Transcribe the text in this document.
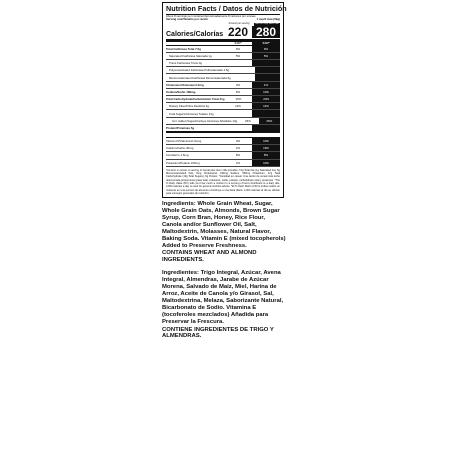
Nutrition Facts / Datos de Nutrición
About 8 servings per container/Aproximadamente 8 raciones por envase
Serving size/Tamaño por ración	1 cup/1 taza (59g)
Amount per serving	with 1/2 cup skim milk
Calories/Calorías 220 280
% DV*	% DV*
Total Fat/Grasa Total 7.5g	9%	9%
Saturated Fat/Grasa Saturada 1g	5%	5%
Trans Fat/Grasa Trans 0g
Polyunsaturated Fat/Grasa Poliinsaturada 1.5g
Monounsaturated Fat/Grasa Monoinsaturada 5g
Cholesterol/Colesterol 0mg	0%	1%
Sodium/Sodio 180mg	8%	10%
Total Carbohydrate/Carbohidrato Total 41g	15%	20%
Dietary Fiber/Fibra Dietética 4g	14%	14%
Total Sugars/Azúcares Totales 13g
Incl. Added Sugars/Incluye Azúcares Añadidos 13g	26%	26%
Protein/Proteínas 5g
Vitamin D/Vitamina D 0mcg	0%	10%
Calcium/Calcio 30mg	2%	15%
Iron/Hierro 1.5mg	8%	8%
Potassium/Potasio 150mg	4%	10%
*Amount in cereal. A serving of cereal plus skim milk provides 7.5g Total Fat (1g Saturated Fat, 5g Monounsaturated Fat), 5mg Cholesterol, 230mg Sodium, 350mg Potassium, 47g Total Carbohydrate (19g Total Sugars), 9g Protein. *Cantidad en cereal. Una ración de cereal más leche descremada proporciona grasa total, colesterol, sodio, potasio, carbohidrato total y proteínas. *The % Daily Value (DV) tells you how much a nutrient in a serving of food contributes to a daily diet. 2,000 calories a day is used for general nutrition advice. *El % Valor Diario (VD) le indica cuánto un nutriente en una porción de alimento contribuye a una dieta diaria. 2,000 calorías al día se utilizan para consejos generales de nutrición.

Ingredients: Whole Grain Wheat, Sugar, Whole Grain Oats, Almonds, Brown Sugar Syrup, Corn Bran, Honey, Rice Flour, Canola and/or Sunflower Oil, Salt, Maltodextrin, Molasses, Natural Flavor, Baking Soda. Vitamin E (mixed tocopherols) Added to Preserve Freshness.

CONTAINS WHEAT AND ALMOND INGREDIENTS.

Ingredientes: Trigo Integral, Azúcar, Avena Integral, Almendras, Jarabe de Azúcar Morena, Salvado de Maíz, Miel, Harina de Arroz, Aceite de Canola y/o Girasol, Sal, Maltodextrina, Melaza, Saborizante Natural, Bicarbonato de Sodio. Vitamina E (tocoferoles mezclados) Añadida para Preservar la Frescura.

CONTIENE INGREDIENTES DE TRIGO Y ALMENDRAS.
